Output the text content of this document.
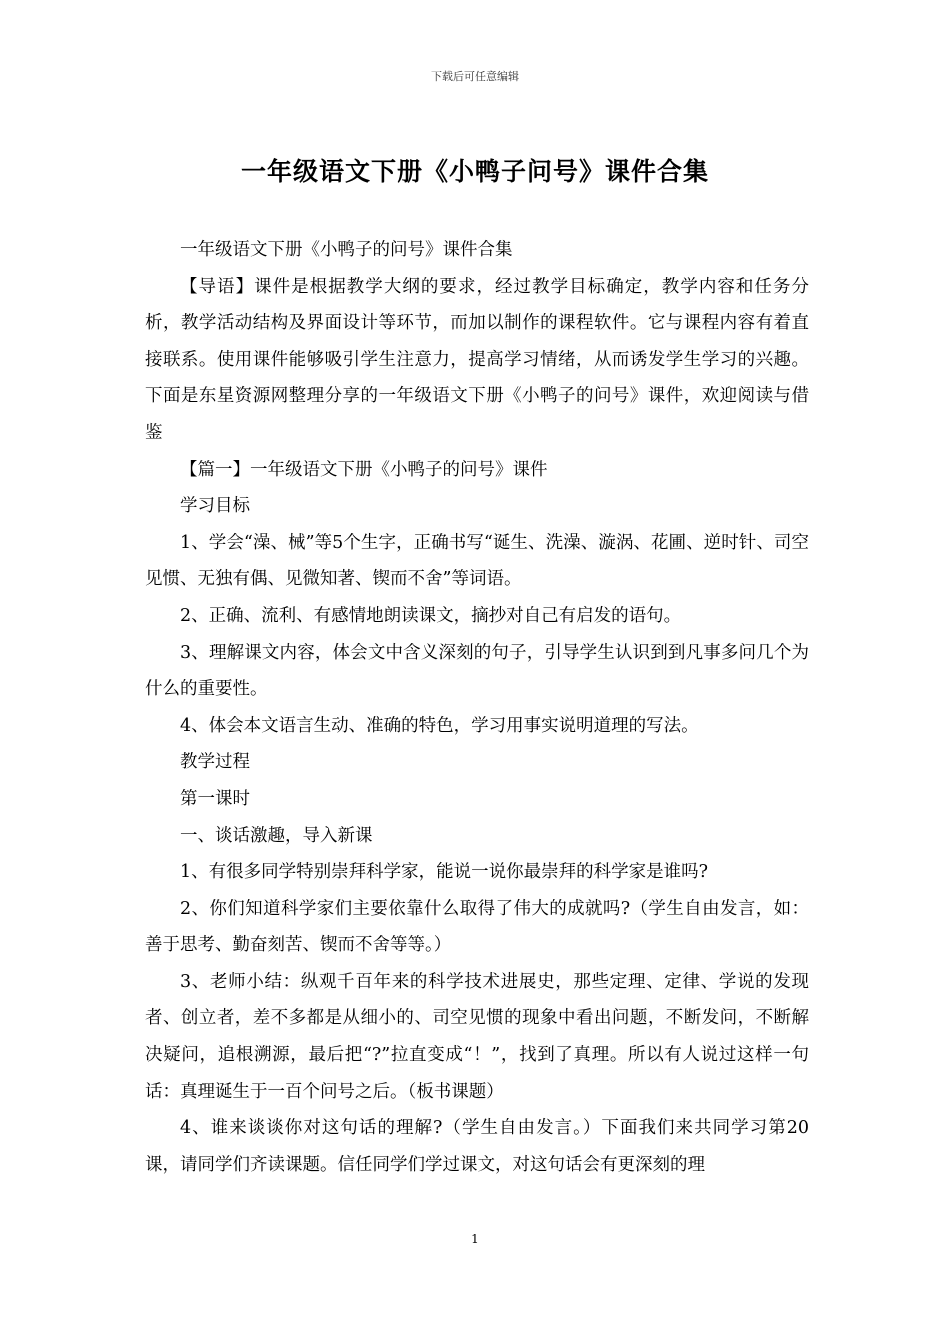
下载后可任意编辑
一年级语文下册《小鸭子问号》课件合集

一年级语文下册《小鸭子的问号》课件合集

【导语】课件是根据教学大纲的要求，经过教学目标确定，教学内容和任务分析，教学活动结构及界面设计等环节，而加以制作的课程软件。它与课程内容有着直接联系。使用课件能够吸引学生注意力，提高学习情绪，从而诱发学生学习的兴趣。下面是东星资源网整理分享的一年级语文下册《小鸭子的问号》课件，欢迎阅读与借鉴

【篇一】一年级语文下册《小鸭子的问号》课件

学习目标

1、学会“澡、械”等5个生字，正确书写“诞生、洗澡、漩涡、花圃、逆时针、司空见惯、无独有偶、见微知著、锲而不舍”等词语。

2、正确、流利、有感情地朗读课文，摘抄对自己有启发的语句。

3、理解课文内容，体会文中含义深刻的句子，引导学生认识到到凡事多问几个为什么的重要性。

4、体会本文语言生动、准确的特色，学习用事实说明道理的写法。

教学过程

第一课时

一、谈话激趣，导入新课

1、有很多同学特别崇拜科学家，能说一说你最崇拜的科学家是谁吗?

2、你们知道科学家们主要依靠什么取得了伟大的成就吗?（学生自由发言，如：善于思考、勤奋刻苦、锲而不舍等等。）

3、老师小结：纵观千百年来的科学技术进展史，那些定理、定律、学说的发现者、创立者，差不多都是从细小的、司空见惯的现象中看出问题，不断发问，不断解决疑问，追根溯源，最后把“?”拉直变成“！”，找到了真理。所以有人说过这样一句话：真理诞生于一百个问号之后。（板书课题）

4、谁来谈谈你对这句话的理解?（学生自由发言。）下面我们来共同学习第20课，请同学们齐读课题。信任同学们学过课文，对这句话会有更深刻的理

1
